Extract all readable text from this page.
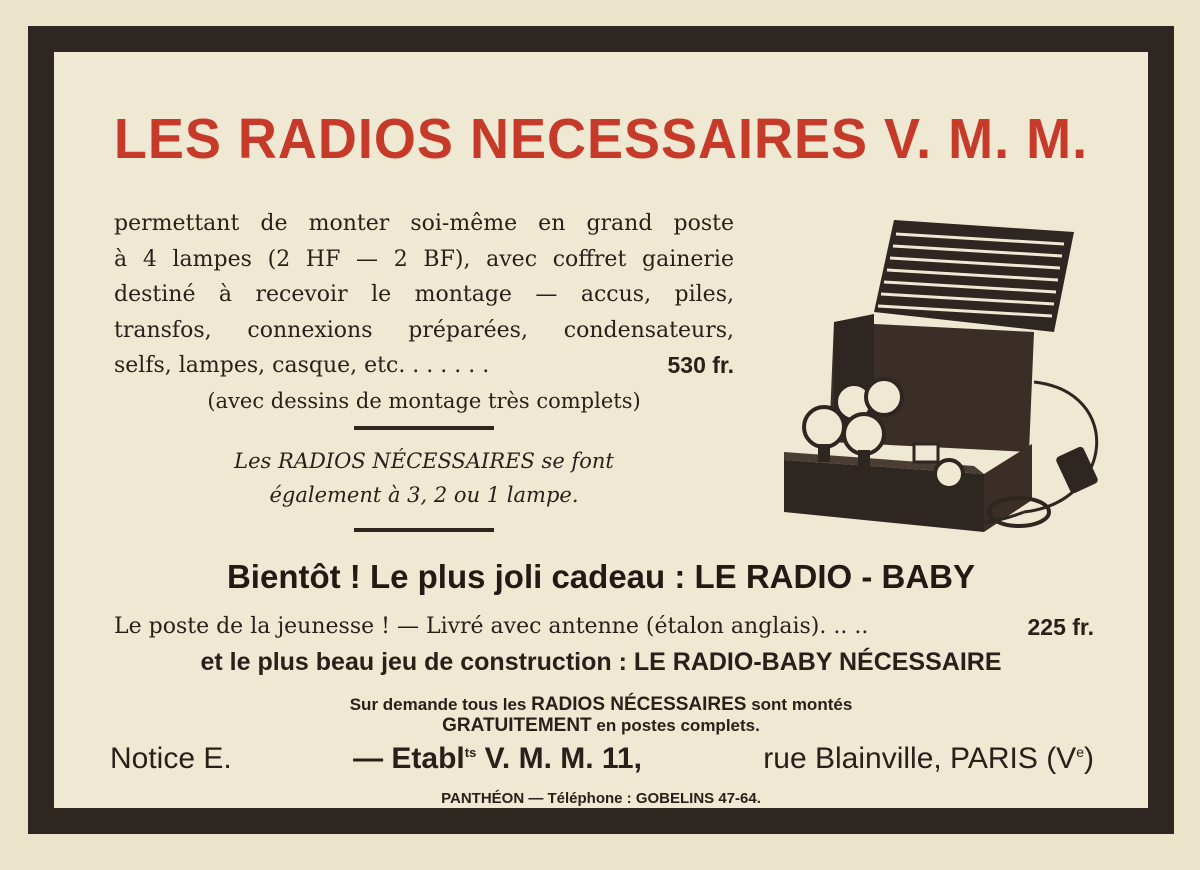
LES RADIOS NECESSAIRES V. M. M.
permettant de monter soi-même en grand poste
à 4 lampes (2 HF — 2 BF), avec coffret gainerie
destiné à recevoir le montage — accus, piles,
transfos, connexions préparées, condensateurs,
selfs, lampes, casque, etc. . . . . . .	530 fr.
(avec dessins de montage très complets)
Les RADIOS NÉCESSAIRES se font
également à 3, 2 ou 1 lampe.
Bientôt ! Le plus joli cadeau : LE RADIO - BABY
Le poste de la jeunesse ! — Livré avec antenne (étalon anglais). .. ..	225 fr.
et le plus beau jeu de construction : LE RADIO-BABY NÉCESSAIRE
Sur demande tous les RADIOS NÉCESSAIRES sont montés
GRATUITEMENT en postes complets.
Notice E.	— Etabl$^{ts}$ V. M. M. 11,	rue Blainville, PARIS (Ve)
PANTHÉON — Téléphone : GOBELINS 47-64.
